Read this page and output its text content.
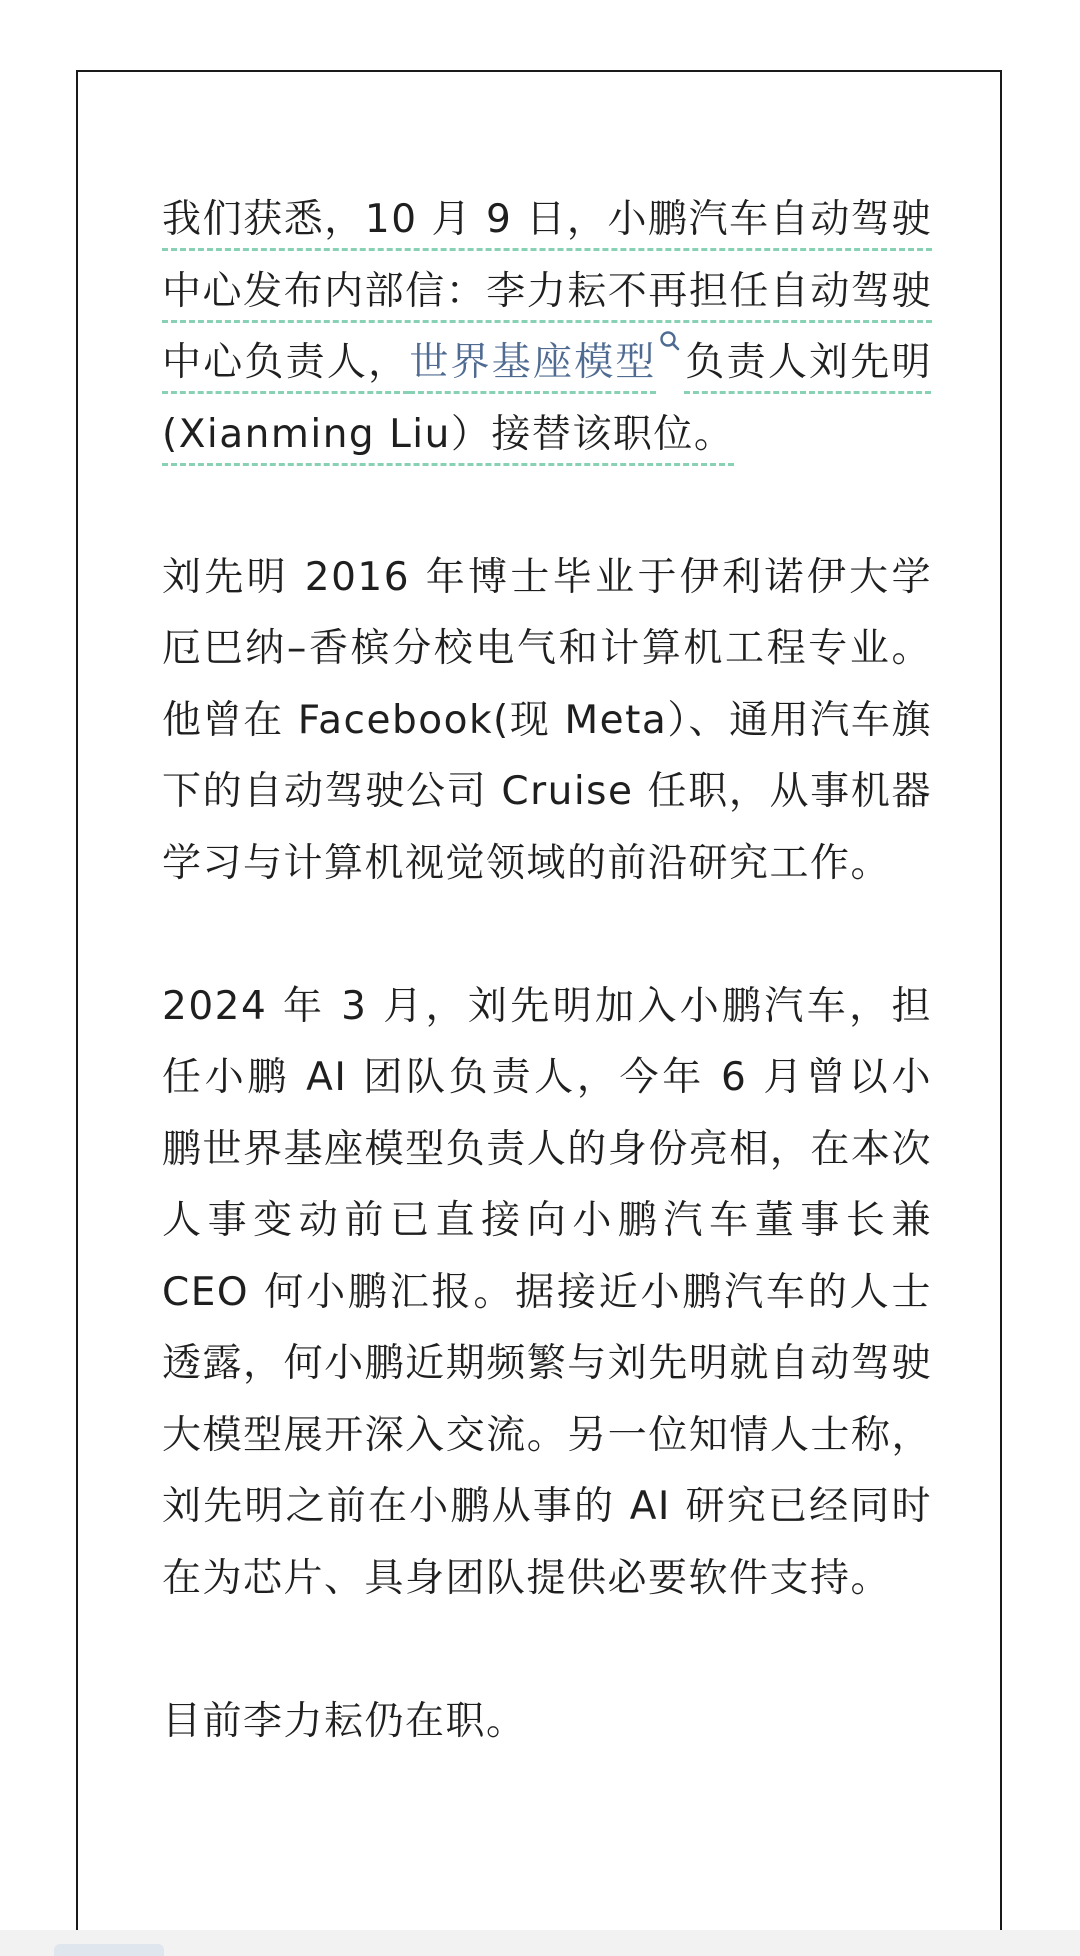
我们获悉，10 月 9 日，小鹏汽车自动驾驶中心发布内部信：李力耘不再担任自动驾驶中心负责人，世界基座模型 负责人刘先明(Xianming Liu）接替该职位。

刘先明 2016 年博士毕业于伊利诺伊大学厄巴纳–香槟分校电气和计算机工程专业。他曾在 Facebook(现 Meta）、通用汽车旗下的自动驾驶公司 Cruise 任职，从事机器学习与计算机视觉领域的前沿研究工作。

2024 年 3 月，刘先明加入小鹏汽车，担任小鹏 AI 团队负责人，今年 6 月曾以小鹏世界基座模型负责人的身份亮相，在本次人事变动前已直接向小鹏汽车董事长兼 CEO 何小鹏汇报。据接近小鹏汽车的人士透露，何小鹏近期频繁与刘先明就自动驾驶大模型展开深入交流。另一位知情人士称，刘先明之前在小鹏从事的 AI 研究已经同时在为芯片、具身团队提供必要软件支持。

目前李力耘仍在职。
